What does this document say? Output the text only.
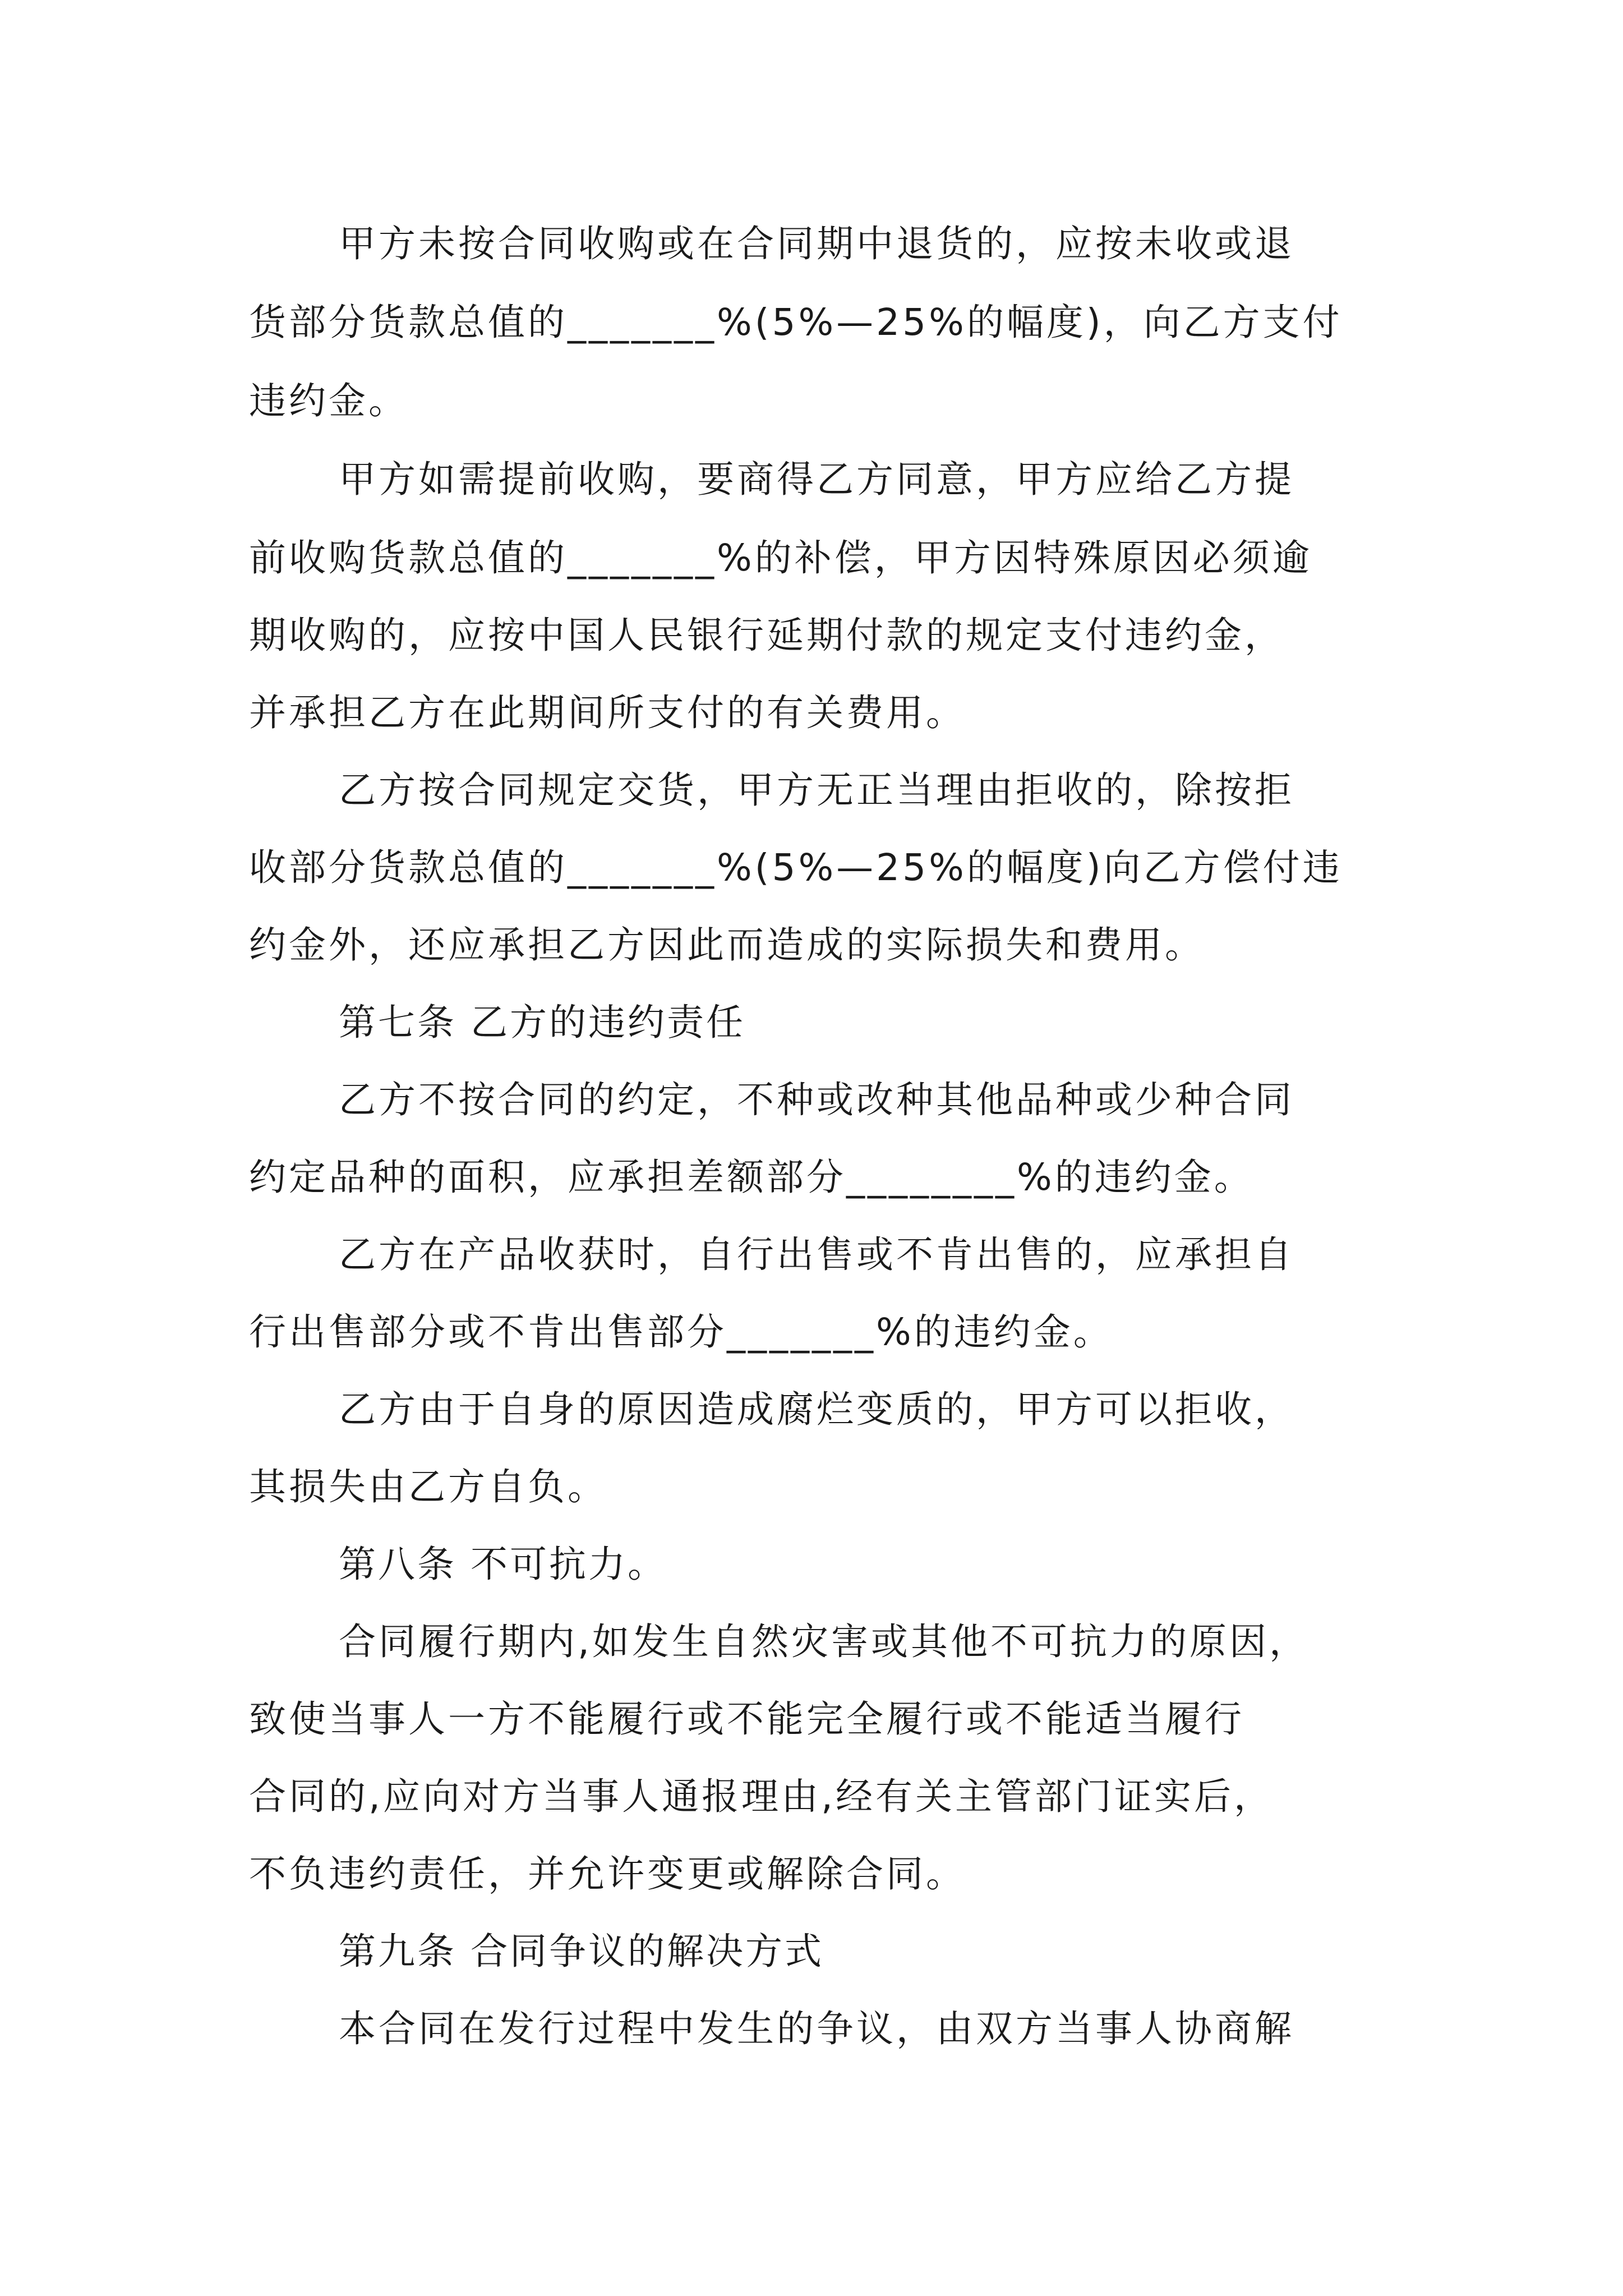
甲方未按合同收购或在合同期中退货的，应按未收或退
货部分货款总值的_______%(5%—25%的幅度)，向乙方支付
违约金。
甲方如需提前收购，要商得乙方同意，甲方应给乙方提
前收购货款总值的_______%的补偿，甲方因特殊原因必须逾
期收购的，应按中国人民银行延期付款的规定支付违约金，
并承担乙方在此期间所支付的有关费用。
乙方按合同规定交货，甲方无正当理由拒收的，除按拒
收部分货款总值的_______%(5%—25%的幅度)向乙方偿付违
约金外，还应承担乙方因此而造成的实际损失和费用。
第七条 乙方的违约责任
乙方不按合同的约定，不种或改种其他品种或少种合同
约定品种的面积，应承担差额部分________%的违约金。
乙方在产品收获时，自行出售或不肯出售的，应承担自
行出售部分或不肯出售部分_______%的违约金。
乙方由于自身的原因造成腐烂变质的，甲方可以拒收，
其损失由乙方自负。
第八条 不可抗力。
合同履行期内,如发生自然灾害或其他不可抗力的原因，
致使当事人一方不能履行或不能完全履行或不能适当履行
合同的,应向对方当事人通报理由,经有关主管部门证实后，
不负违约责任，并允许变更或解除合同。
第九条 合同争议的解决方式
本合同在发行过程中发生的争议，由双方当事人协商解
